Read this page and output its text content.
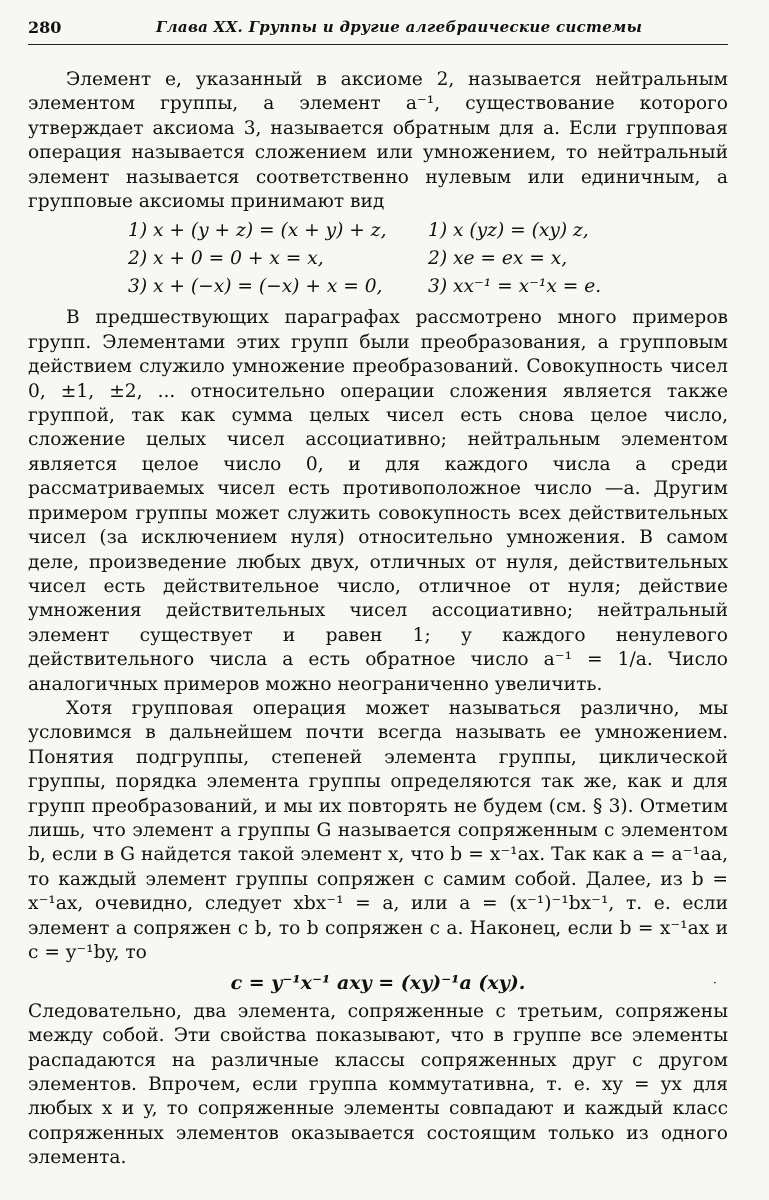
280	Глава XX. Группы и другие алгебраические системы

Элемент e, указанный в аксиоме 2, называется нейтральным элементом группы, а элемент a⁻¹, существование которого утверждает аксиома 3, называется обратным для a. Если групповая операция называется сложением или умножением, то нейтральный элемент называется соответственно нулевым или единичным, а групповые аксиомы принимают вид

1) x + (y + z) = (x + y) + z,	1) x (yz) = (xy) z,
2) x + 0 = 0 + x = x,	2) xe = ex = x,
3) x + (−x) = (−x) + x = 0,	3) xx⁻¹ = x⁻¹x = e.

В предшествующих параграфах рассмотрено много примеров групп. Элементами этих групп были преобразования, а групповым действием служило умножение преобразований. Совокупность чисел 0, ±1, ±2, ... относительно операции сложения является также группой, так как сумма целых чисел есть снова целое число, сложение целых чисел ассоциативно; нейтральным элементом является целое число 0, и для каждого числа a среди рассматриваемых чисел есть противоположное число —a. Другим примером группы может служить совокупность всех действительных чисел (за исключением нуля) относительно умножения. В самом деле, произведение любых двух, отличных от нуля, действительных чисел есть действительное число, отличное от нуля; действие умножения действительных чисел ассоциативно; нейтральный элемент существует и равен 1; у каждого ненулевого действительного числа a есть обратное число a⁻¹ = 1/a. Число аналогичных примеров можно неограниченно увеличить.

Хотя групповая операция может называться различно, мы условимся в дальнейшем почти всегда называть ее умножением. Понятия подгруппы, степеней элемента группы, циклической группы, порядка элемента группы определяются так же, как и для групп преобразований, и мы их повторять не будем (см. § 3). Отметим лишь, что элемент a группы G называется сопряженным с элементом b, если в G найдется такой элемент x, что b = x⁻¹ax. Так как a = a⁻¹aa, то каждый элемент группы сопряжен с самим собой. Далее, из b = x⁻¹ax, очевидно, следует xbx⁻¹ = a, или a = (x⁻¹)⁻¹bx⁻¹, т. е. если элемент a сопряжен с b, то b сопряжен с a. Наконец, если b = x⁻¹ax и c = y⁻¹by, то

c = y⁻¹x⁻¹ axy = (xy)⁻¹a (xy).

Следовательно, два элемента, сопряженные с третьим, сопряжены между собой. Эти свойства показывают, что в группе все элементы распадаются на различные классы сопряженных друг с другом элементов. Впрочем, если группа коммутативна, т. е. xy = yx для любых x и y, то сопряженные элементы совпадают и каждый класс сопряженных элементов оказывается состоящим только из одного элемента.

·
